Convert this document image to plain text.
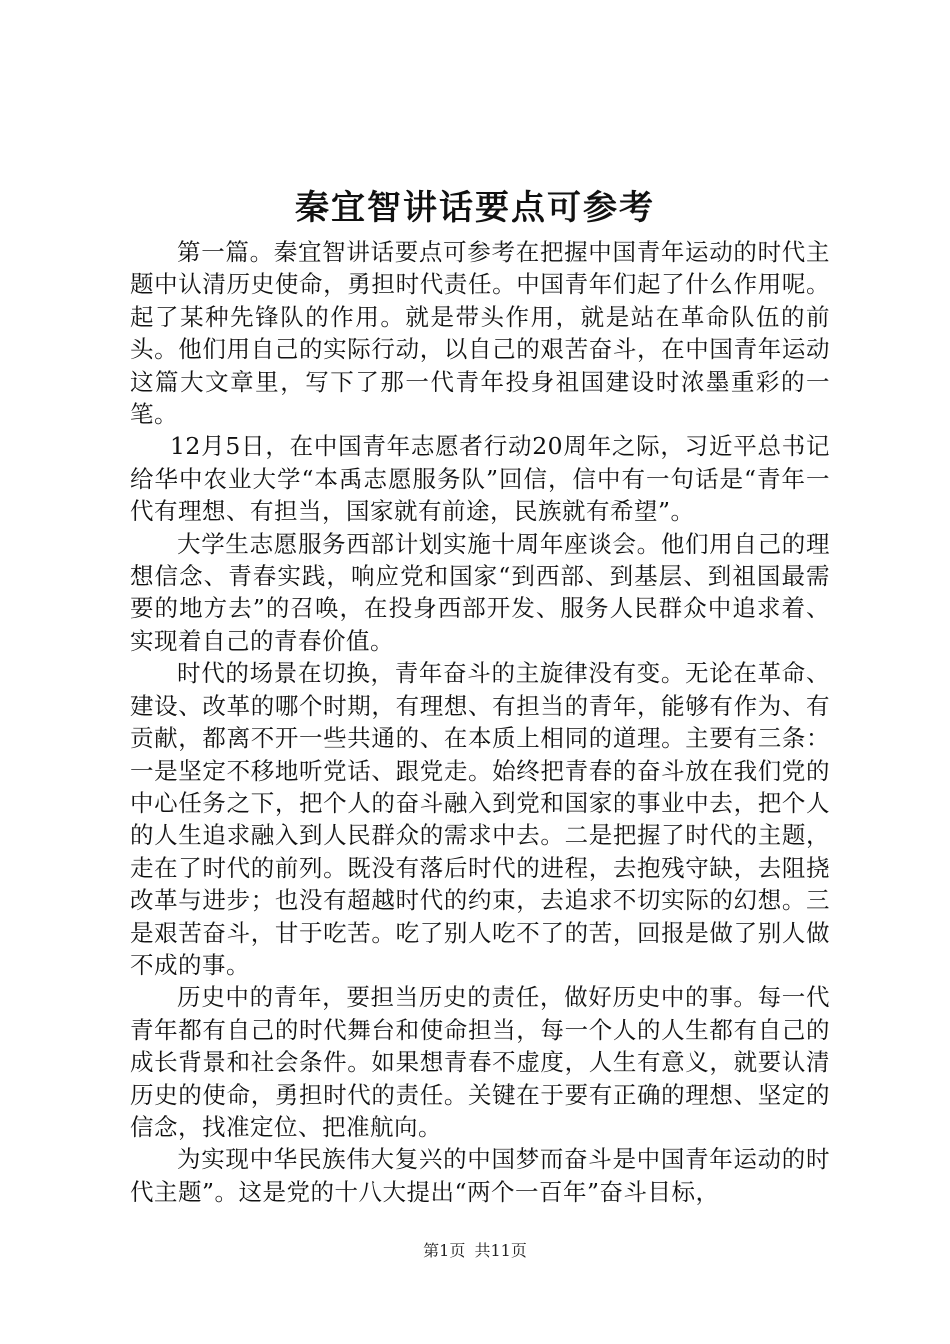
秦宜智讲话要点可参考

第一篇。秦宜智讲话要点可参考在把握中国青年运动的时代主题中认清历史使命，勇担时代责任。中国青年们起了什么作用呢。起了某种先锋队的作用。就是带头作用，就是站在革命队伍的前头。他们用自己的实际行动，以自己的艰苦奋斗，在中国青年运动这篇大文章里，写下了那一代青年投身祖国建设时浓墨重彩的一笔。

12月5日，在中国青年志愿者行动20周年之际，习近平总书记给华中农业大学“本禹志愿服务队”回信，信中有一句话是“青年一代有理想、有担当，国家就有前途，民族就有希望”。

大学生志愿服务西部计划实施十周年座谈会。他们用自己的理想信念、青春实践，响应党和国家“到西部、到基层、到祖国最需要的地方去”的召唤，在投身西部开发、服务人民群众中追求着、实现着自己的青春价值。

时代的场景在切换，青年奋斗的主旋律没有变。无论在革命、建设、改革的哪个时期，有理想、有担当的青年，能够有作为、有贡献，都离不开一些共通的、在本质上相同的道理。主要有三条：一是坚定不移地听党话、跟党走。始终把青春的奋斗放在我们党的中心任务之下，把个人的奋斗融入到党和国家的事业中去，把个人的人生追求融入到人民群众的需求中去。二是把握了时代的主题，走在了时代的前列。既没有落后时代的进程，去抱残守缺，去阻挠改革与进步；也没有超越时代的约束，去追求不切实际的幻想。三是艰苦奋斗，甘于吃苦。吃了别人吃不了的苦，回报是做了别人做不成的事。

历史中的青年，要担当历史的责任，做好历史中的事。每一代青年都有自己的时代舞台和使命担当，每一个人的人生都有自己的成长背景和社会条件。如果想青春不虚度，人生有意义，就要认清历史的使命，勇担时代的责任。关键在于要有正确的理想、坚定的信念，找准定位、把准航向。

为实现中华民族伟大复兴的中国梦而奋斗是中国青年运动的时代主题”。这是党的十八大提出“两个一百年”奋斗目标，

第1页 共11页
